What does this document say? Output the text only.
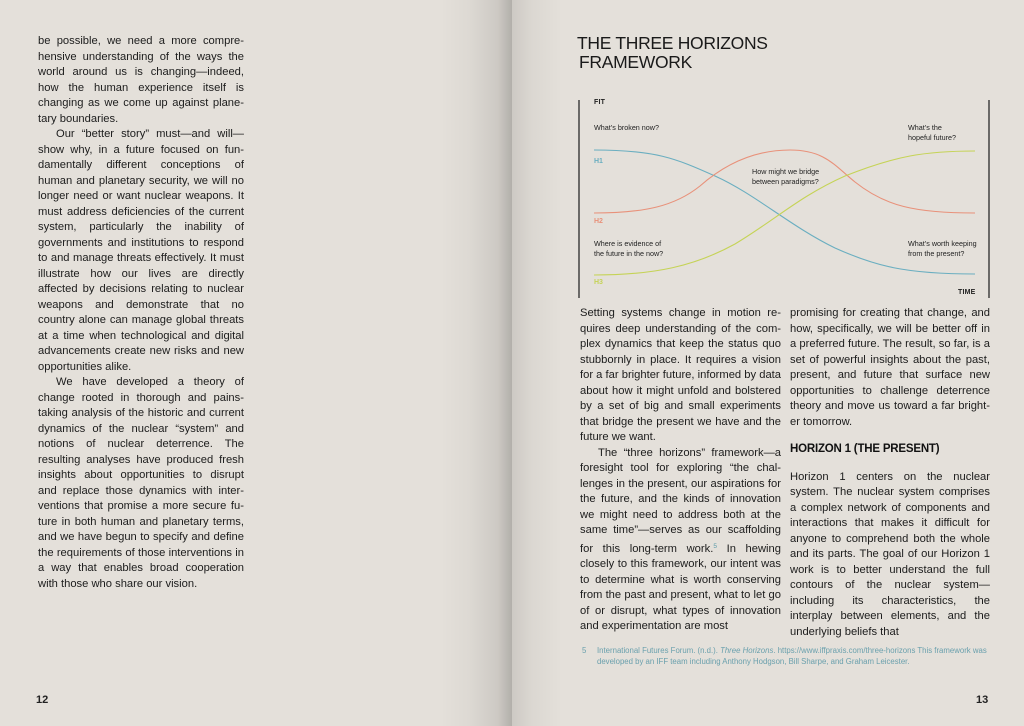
be possible, we need a more comprehensive understanding of the ways the world around us is changing—indeed, how the human experience itself is changing as we come up against planetary boundaries.

Our “better story” must—and will—show why, in a future focused on fundamentally different conceptions of human and planetary security, we will no longer need or want nuclear weapons. It must address deficiencies of the current system, particularly the inability of governments and institutions to respond to and manage threats effectively. It must illustrate how our lives are directly affected by decisions relating to nuclear weapons and demonstrate that no country alone can manage global threats at a time when technological and digital advancements create new risks and new opportunities alike.

We have developed a theory of change rooted in thorough and painstaking analysis of the historic and current dynamics of the nuclear “system” and notions of nuclear deterrence. The resulting analyses have produced fresh insights about opportunities to disrupt and replace those dynamics with interventions that promise a more secure future in both human and planetary terms, and we have begun to specify and define the requirements of those interventions in a way that enables broad cooperation with those who share our vision.

12
THE THREE HORIZONS
FRAMEWORK
FIT
TIME
H1
H2
H3
What’s broken now?
How might we bridge
between paradigms?
What’s the
hopeful future?
Where is evidence of
the future in the now?
What’s worth keeping
from the present?

Setting systems change in motion requires deep understanding of the complex dynamics that keep the status quo stubbornly in place. It requires a vision for a far brighter future, informed by data about how it might unfold and bolstered by a set of big and small experiments that bridge the present we have and the future we want.

The “three horizons” framework—a foresight tool for exploring “the challenges in the present, our aspirations for the future, and the kinds of innovation we might need to address both at the same time”—serves as our scaffolding for this long-term work.$^5$ In hewing closely to this framework, our intent was to determine what is worth conserving from the past and present, what to let go of or disrupt, what types of innovation and experimentation are most

promising for creating that change, and how, specifically, we will be better off in a preferred future. The result, so far, is a set of powerful insights about the past, present, and future that surface new opportunities to challenge deterrence theory and move us toward a far brighter tomorrow.

HORIZON 1 (THE PRESENT)

Horizon 1 centers on the nuclear system. The nuclear system comprises a complex network of components and interactions that makes it difficult for anyone to comprehend both the whole and its parts. The goal of our Horizon 1 work is to better understand the full contours of the nuclear system—including its characteristics, the interplay between elements, and the underlying beliefs that

5 International Futures Forum. (n.d.). Three Horizons. https://www.iffpraxis.com/three-horizons This framework was developed by an IFF team including Anthony Hodgson, Bill Sharpe, and Graham Leicester.
13
